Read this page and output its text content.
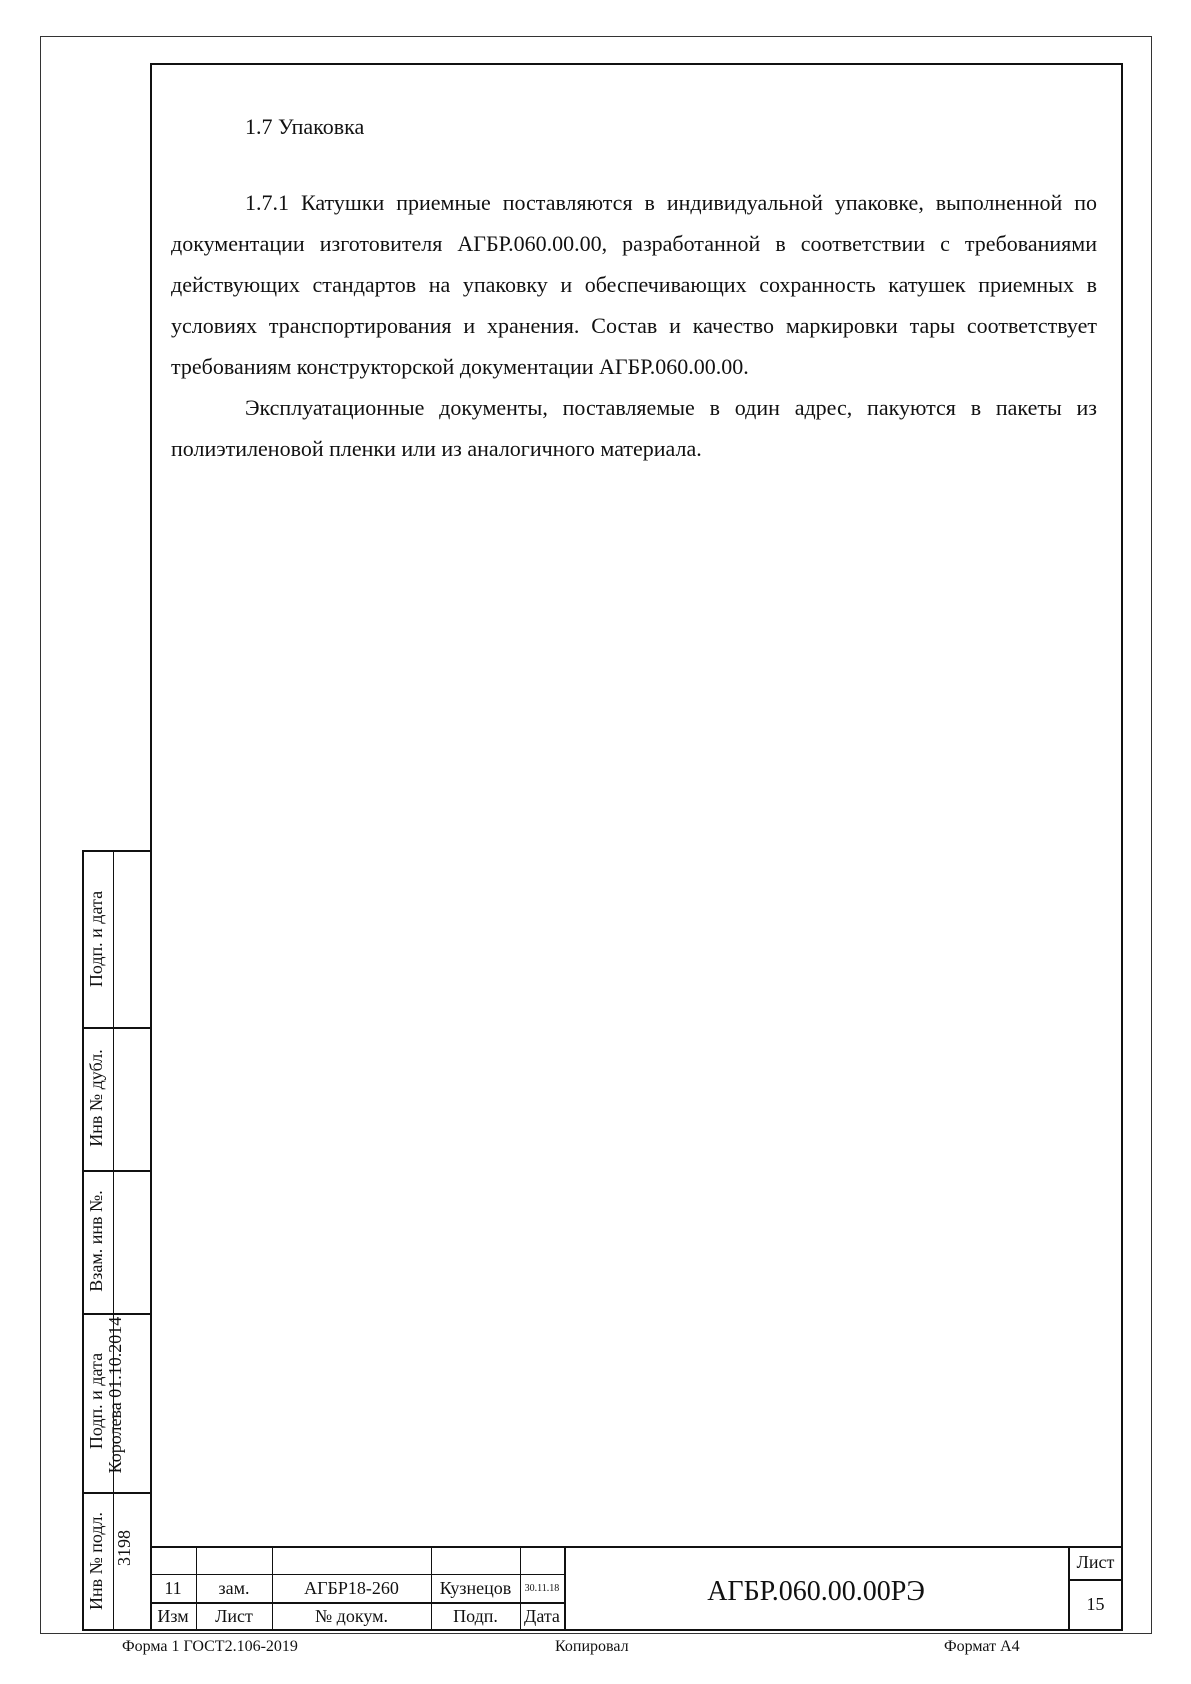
1.7 Упаковка

1.7.1 Катушки приемные поставляются в индивидуальной упаковке, выполненной по документации изготовителя АГБР.060.00.00, разработанной в соответствии с требованиями действующих стандартов на упаковку и обеспечивающих сохранность катушек приемных в условиях транспортирования и хранения. Состав и качество маркировки тары соответствует требованиям конструкторской документации АГБР.060.00.00.

Эксплуатационные документы, поставляемые в один адрес, пакуются в пакеты из полиэтиленовой пленки или из аналогичного материала.

Подп. и дата
Инв № дубл.
Взам. инв №.
Подп. и дата Королева 01.10.2014
Инв № подл. 3198
11	зам.	АГБР18-260	Кузнецов	30.11.18
Изм	Лист	№ докум.	Подп.	Дата
АГБР.060.00.00РЭ
Лист
15
Форма 1 ГОСТ2.106-2019	Копировал	Формат А4
